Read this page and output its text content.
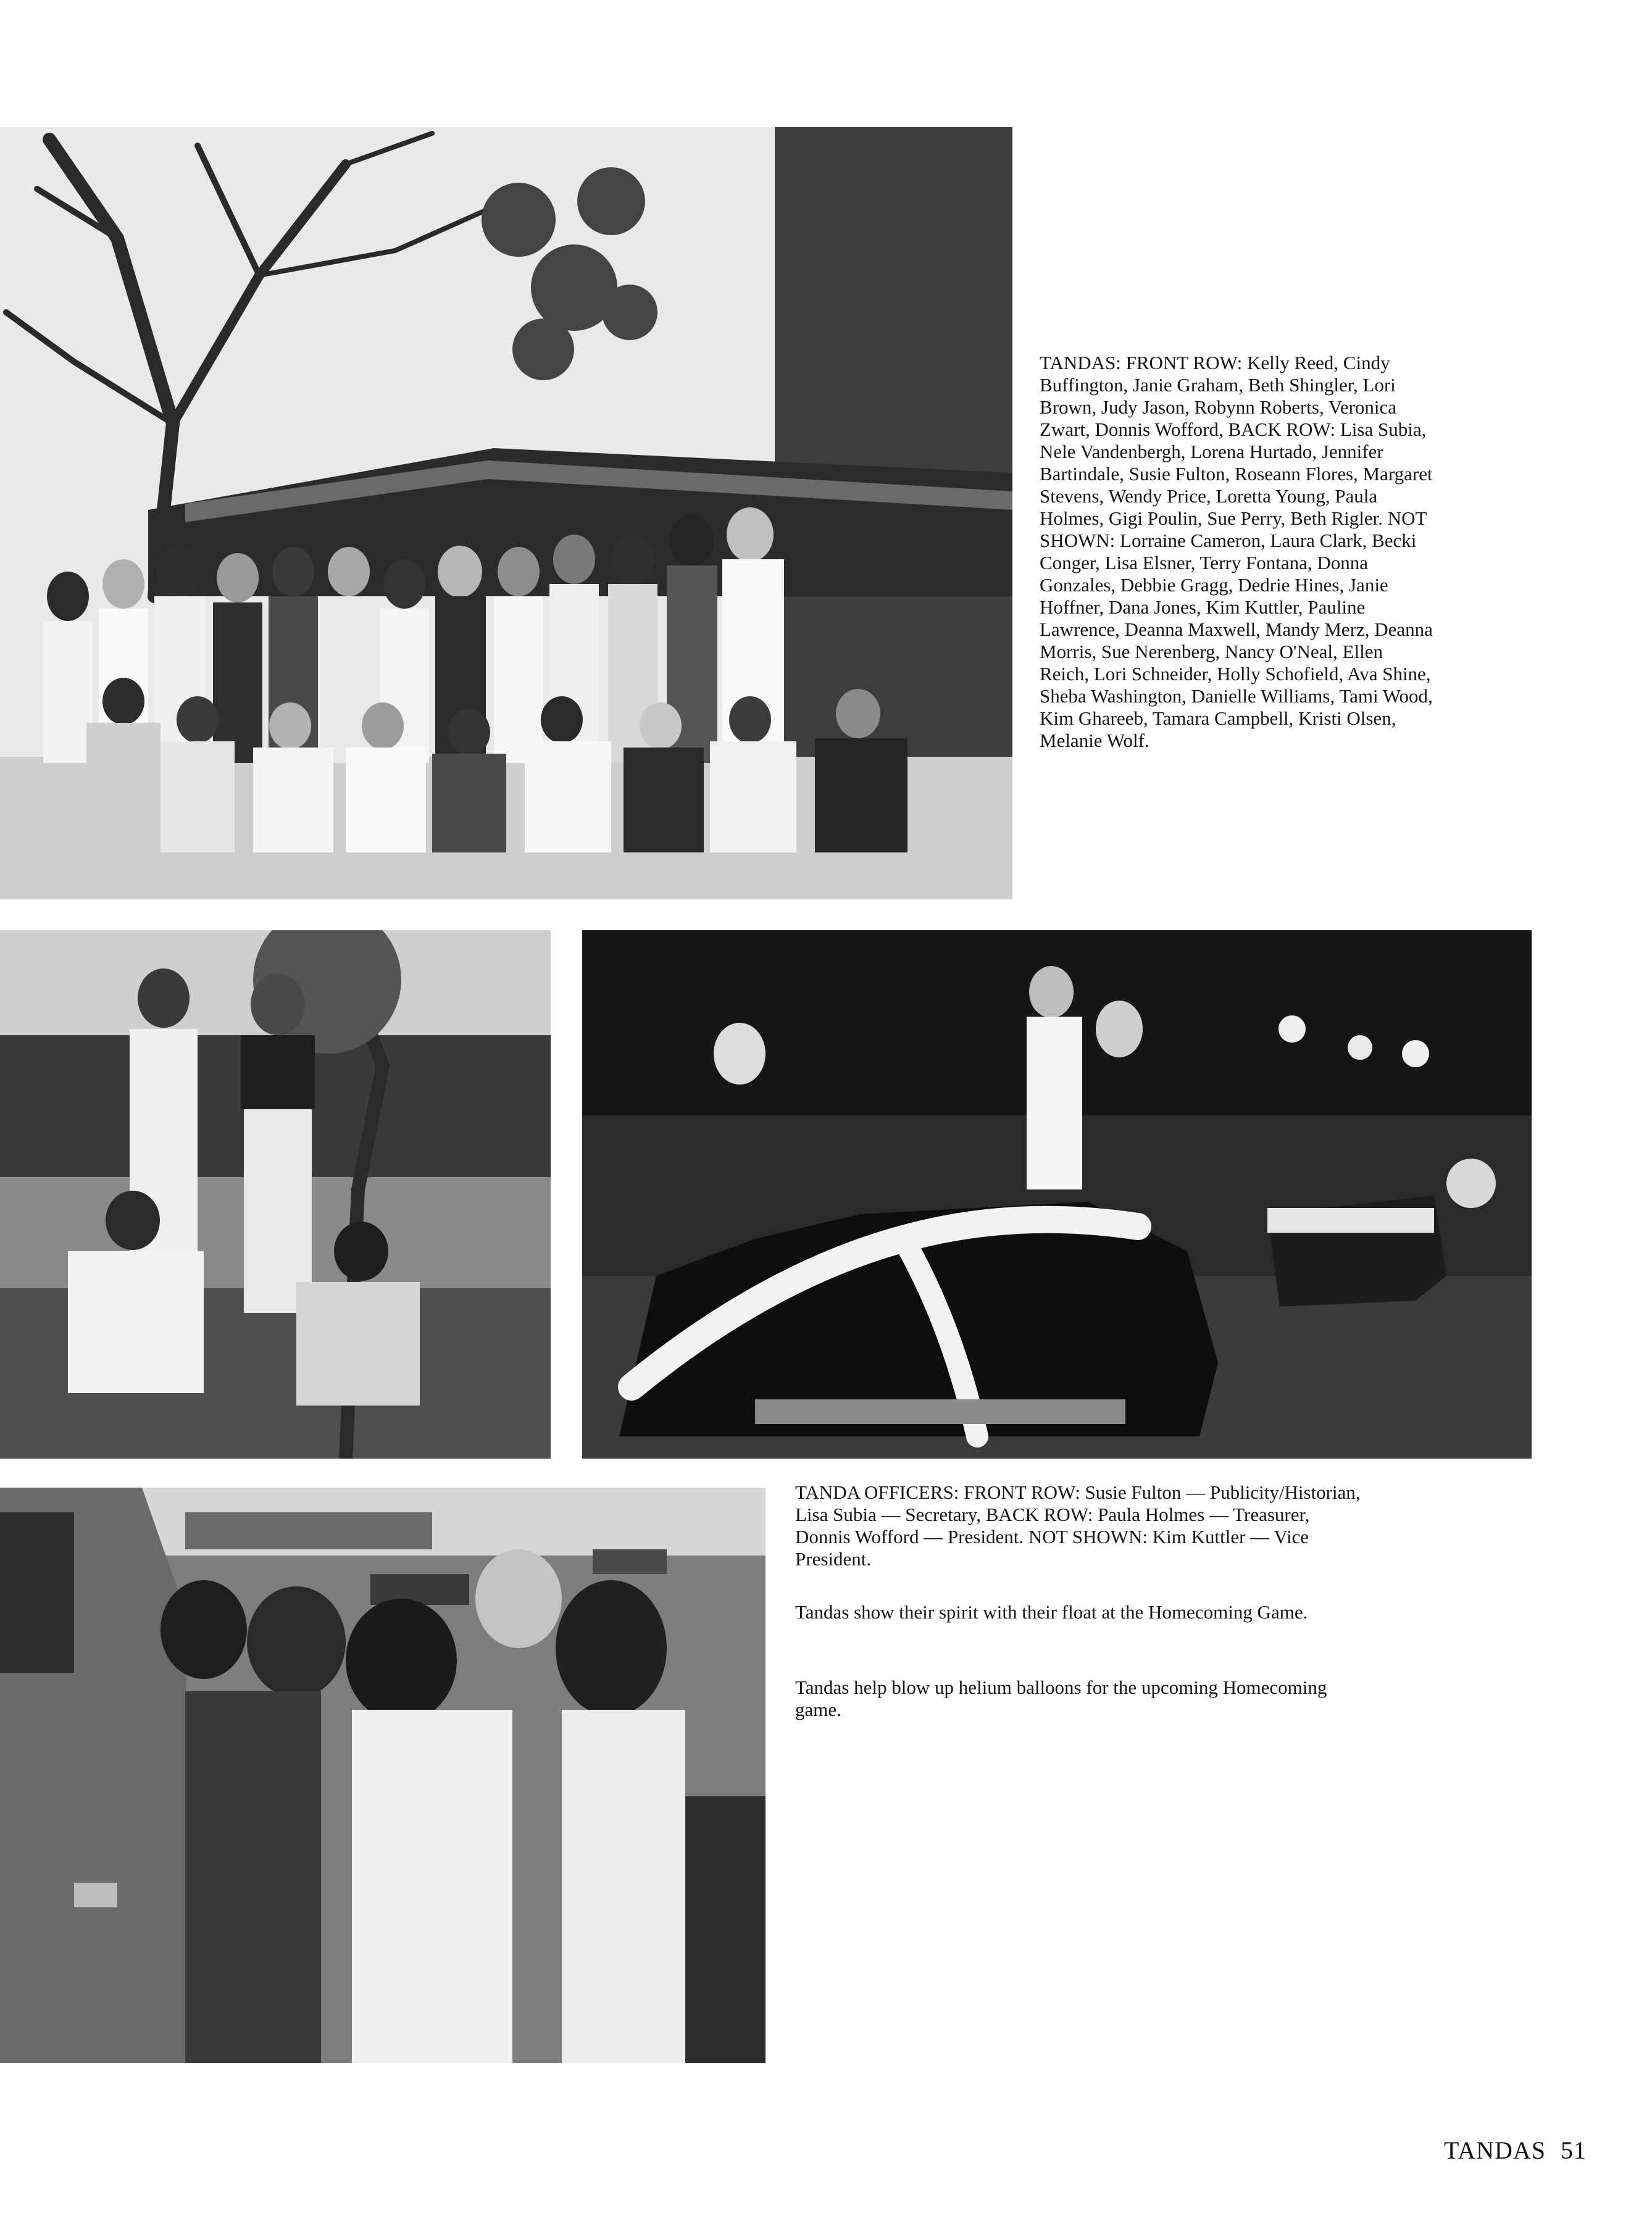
TANDAS: FRONT ROW: Kelly Reed, Cindy Buffington, Janie Graham, Beth Shingler, Lori Brown, Judy Jason, Robynn Roberts, Veronica Zwart, Donnis Wofford, BACK ROW: Lisa Subia, Nele Vandenbergh, Lorena Hurtado, Jennifer Bartindale, Susie Fulton, Roseann Flores, Margaret Stevens, Wendy Price, Loretta Young, Paula Holmes, Gigi Poulin, Sue Perry, Beth Rigler. NOT SHOWN: Lorraine Cameron, Laura Clark, Becki Conger, Lisa Elsner, Terry Fontana, Donna Gonzales, Debbie Gragg, Dedrie Hines, Janie Hoffner, Dana Jones, Kim Kuttler, Pauline Lawrence, Deanna Maxwell, Mandy Merz, Deanna Morris, Sue Nerenberg, Nancy O'Neal, Ellen Reich, Lori Schneider, Holly Schofield, Ava Shine, Sheba Washington, Danielle Williams, Tami Wood, Kim Ghareeb, Tamara Campbell, Kristi Olsen, Melanie Wolf.

TANDA OFFICERS: FRONT ROW: Susie Fulton — Publicity/Historian, Lisa Subia — Secretary, BACK ROW: Paula Holmes — Treasurer, Donnis Wofford — President. NOT SHOWN: Kim Kuttler — Vice President.

Tandas show their spirit with their float at the Homecoming Game.

Tandas help blow up helium balloons for the upcoming Homecoming game.

TANDAS 51
